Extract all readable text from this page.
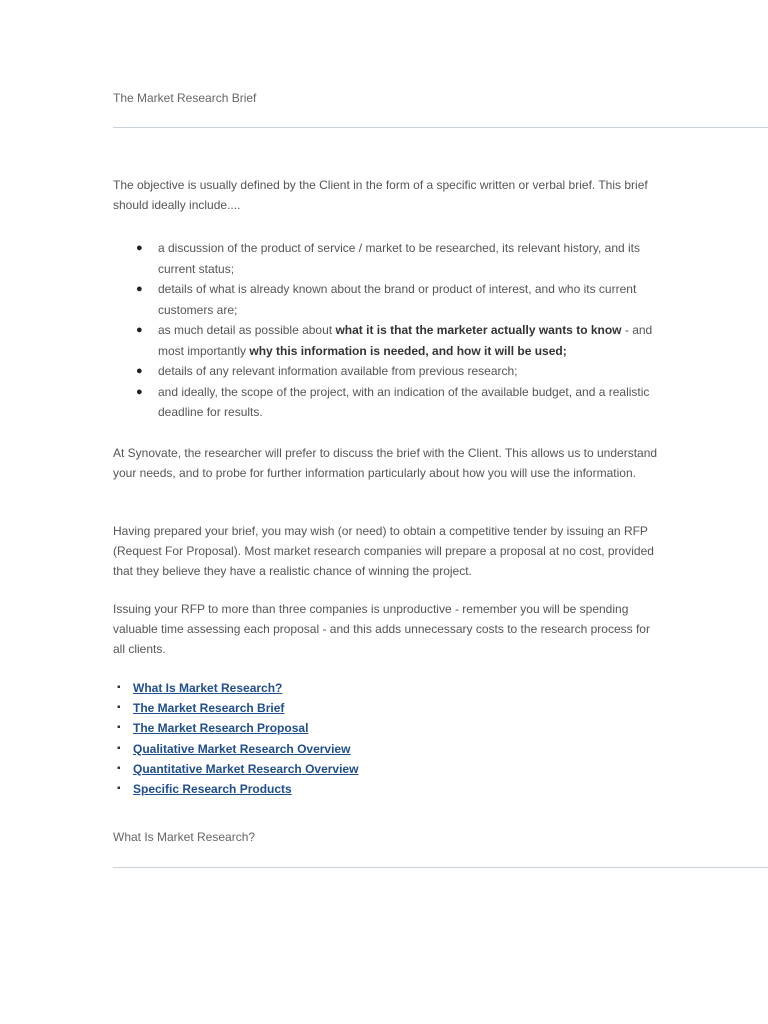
The Market Research Brief

The objective is usually defined by the Client in the form of a specific written or verbal brief. This brief should ideally include....

● a discussion of the product of service / market to be researched, its relevant history, and its current status;
● details of what is already known about the brand or product of interest, and who its current customers are;
● as much detail as possible about what it is that the marketer actually wants to know - and most importantly why this information is needed, and how it will be used;
● details of any relevant information available from previous research;
● and ideally, the scope of the project, with an indication of the available budget, and a realistic deadline for results.

At Synovate, the researcher will prefer to discuss the brief with the Client. This allows us to understand your needs, and to probe for further information particularly about how you will use the information.

Having prepared your brief, you may wish (or need) to obtain a competitive tender by issuing an RFP (Request For Proposal). Most market research companies will prepare a proposal at no cost, provided that they believe they have a realistic chance of winning the project.

Issuing your RFP to more than three companies is unproductive - remember you will be spending valuable time assessing each proposal - and this adds unnecessary costs to the research process for all clients.

▪ What Is Market Research?
▪ The Market Research Brief
▪ The Market Research Proposal
▪ Qualitative Market Research Overview
▪ Quantitative Market Research Overview
▪ Specific Research Products
What Is Market Research?
